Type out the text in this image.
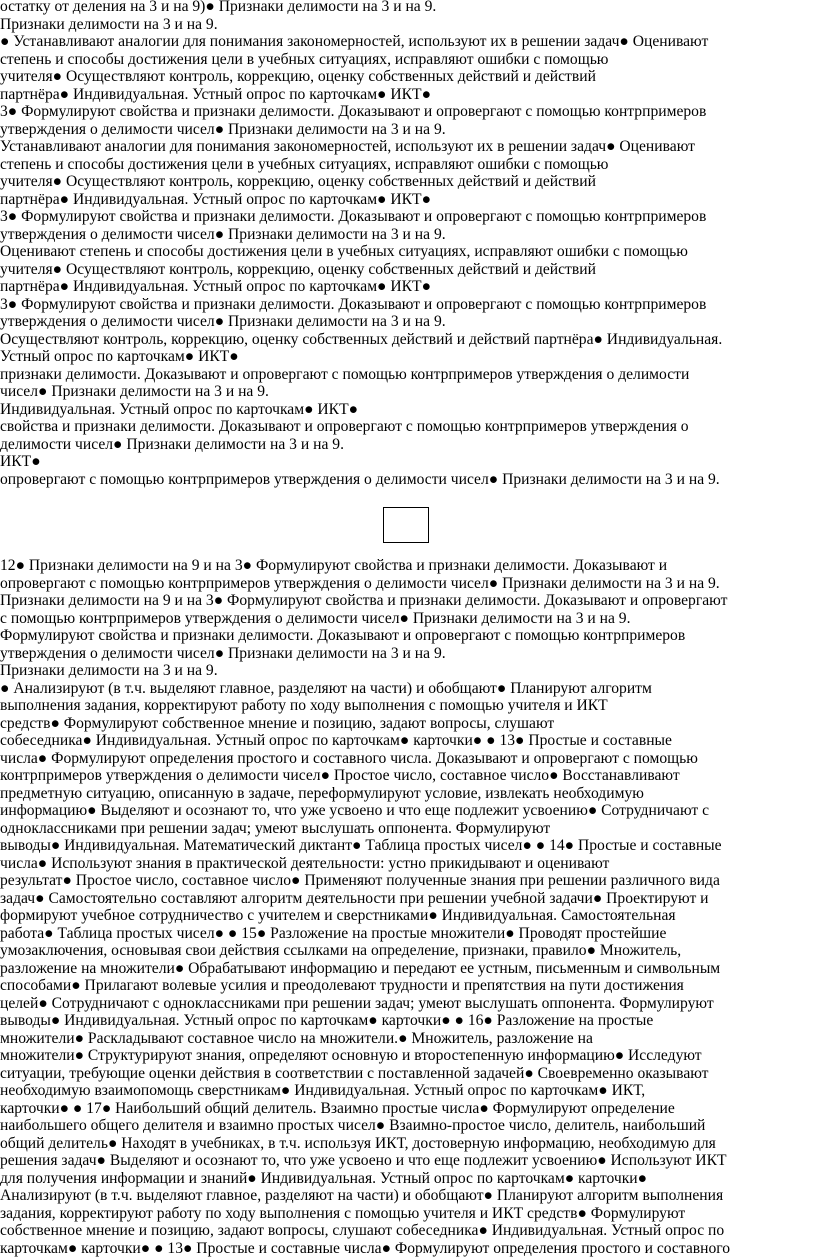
остатку от деления на 3 и на 9)● Признаки делимости на 3 и на 9.
Признаки делимости на 3 и на 9.
● Устанавливают аналогии для понимания закономерностей, используют их в решении задач● Оценивают
степень и способы достижения цели в учебных ситуациях, исправляют ошибки с помощью
учителя● Осуществляют контроль, коррекцию, оценку собственных действий и действий
партнёра● Индивидуальная. Устный опрос по карточкам● ИКТ●
3● Формулируют свойства и признаки делимости. Доказывают и опровергают с помощью контрпримеров
утверждения о делимости чисел● Признаки делимости на 3 и на 9.
Устанавливают аналогии для понимания закономерностей, используют их в решении задач● Оценивают
степень и способы достижения цели в учебных ситуациях, исправляют ошибки с помощью
учителя● Осуществляют контроль, коррекцию, оценку собственных действий и действий
партнёра● Индивидуальная. Устный опрос по карточкам● ИКТ●
3● Формулируют свойства и признаки делимости. Доказывают и опровергают с помощью контрпримеров
утверждения о делимости чисел● Признаки делимости на 3 и на 9.
Оценивают степень и способы достижения цели в учебных ситуациях, исправляют ошибки с помощью
учителя● Осуществляют контроль, коррекцию, оценку собственных действий и действий
партнёра● Индивидуальная. Устный опрос по карточкам● ИКТ●
3● Формулируют свойства и признаки делимости. Доказывают и опровергают с помощью контрпримеров
утверждения о делимости чисел● Признаки делимости на 3 и на 9.
Осуществляют контроль, коррекцию, оценку собственных действий и действий партнёра● Индивидуальная.
Устный опрос по карточкам● ИКТ●
признаки делимости. Доказывают и опровергают с помощью контрпримеров утверждения о делимости
чисел● Признаки делимости на 3 и на 9.
Индивидуальная. Устный опрос по карточкам● ИКТ●
свойства и признаки делимости. Доказывают и опровергают с помощью контрпримеров утверждения о
делимости чисел● Признаки делимости на 3 и на 9.
ИКТ●
опровергают с помощью контрпримеров утверждения о делимости чисел● Признаки делимости на 3 и на 9.
12● Признаки делимости на 9 и на 3● Формулируют свойства и признаки делимости. Доказывают и
опровергают с помощью контрпримеров утверждения о делимости чисел● Признаки делимости на 3 и на 9.
Признаки делимости на 9 и на 3● Формулируют свойства и признаки делимости. Доказывают и опровергают
с помощью контрпримеров утверждения о делимости чисел● Признаки делимости на 3 и на 9.
Формулируют свойства и признаки делимости. Доказывают и опровергают с помощью контрпримеров
утверждения о делимости чисел● Признаки делимости на 3 и на 9.
Признаки делимости на 3 и на 9.
● Анализируют (в т.ч. выделяют главное, разделяют на части) и обобщают● Планируют алгоритм
выполнения задания, корректируют работу по ходу выполнения с помощью учителя и ИКТ
средств● Формулируют собственное мнение и позицию, задают вопросы, слушают
собеседника● Индивидуальная. Устный опрос по карточкам● карточки● ● 13● Простые и составные
числа● Формулируют определения простого и составного числа. Доказывают и опровергают с помощью
контрпримеров утверждения о делимости чисел● Простое число, составное число● Восстанавливают
предметную ситуацию, описанную в задаче, переформулируют условие, извлекать необходимую
информацию● Выделяют и осознают то, что уже усвоено и что еще подлежит усвоению● Сотрудничают с
одноклассниками при решении задач; умеют выслушать оппонента. Формулируют
выводы● Индивидуальная. Математический диктант● Таблица простых чисел● ● 14● Простые и составные
числа● Используют знания в практической деятельности: устно прикидывают и оценивают
результат● Простое число, составное число● Применяют полученные знания при решении различного вида
задач● Самостоятельно составляют алгоритм деятельности при решении учебной задачи● Проектируют и
формируют учебное сотрудничество с учителем и сверстниками● Индивидуальная. Самостоятельная
работа● Таблица простых чисел● ● 15● Разложение на простые множители● Проводят простейшие
умозаключения, основывая свои действия ссылками на определение, признаки, правило● Множитель,
разложение на множители● Обрабатывают информацию и передают ее устным, письменным и символьным
способами● Прилагают волевые усилия и преодолевают трудности и препятствия на пути достижения
целей● Сотрудничают с одноклассниками при решении задач; умеют выслушать оппонента. Формулируют
выводы● Индивидуальная. Устный опрос по карточкам● карточки● ● 16● Разложение на простые
множители● Раскладывают составное число на множители.● Множитель, разложение на
множители● Структурируют знания, определяют основную и второстепенную информацию● Исследуют
ситуации, требующие оценки действия в соответствии с поставленной задачей● Своевременно оказывают
необходимую взаимопомощь сверстникам● Индивидуальная. Устный опрос по карточкам● ИКТ,
карточки● ● 17● Наибольший общий делитель. Взаимно простые числа● Формулируют определение
наибольшего общего делителя и взаимно простых чисел● Взаимно-простое число, делитель, наибольший
общий делитель● Находят в учебниках, в т.ч. используя ИКТ, достоверную информацию, необходимую для
решения задач● Выделяют и осознают то, что уже усвоено и что еще подлежит усвоению● Используют ИКТ
для получения информации и знаний● Индивидуальная. Устный опрос по карточкам● карточки●
Анализируют (в т.ч. выделяют главное, разделяют на части) и обобщают● Планируют алгоритм выполнения
задания, корректируют работу по ходу выполнения с помощью учителя и ИКТ средств● Формулируют
собственное мнение и позицию, задают вопросы, слушают собеседника● Индивидуальная. Устный опрос по
карточкам● карточки● ● 13● Простые и составные числа● Формулируют определения простого и составного
